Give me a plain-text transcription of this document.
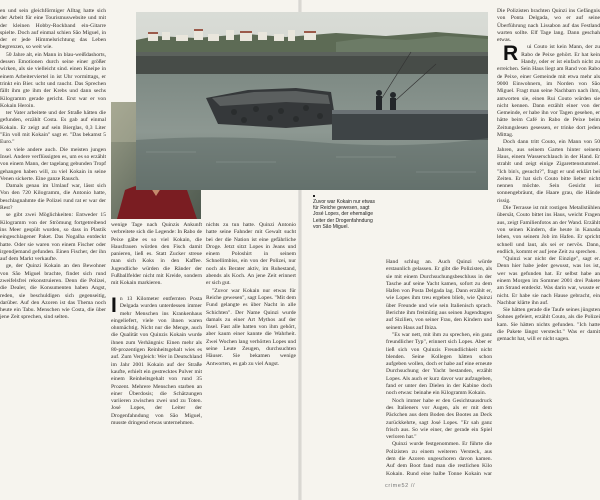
en und sein gleichförmiger Alltag hatte sich der Arbeit für eine Tourismuswebsite und mit der kleinen Hobby-Rockband ein-Gitarre spielte. Doch auf einmal schien São Miguel, in der er jede Himmelsrichtung das Leben begrenzen, so weit wie.

50 Jahre alt, ein Mann in blau-weißdashorts, dessen Emotionen durch seine einer größer wirken, als sie vielleicht sind. einen Kneipe in einem Arbeiterviertel in ist Uhr vormittags, er trinkt ein Bier. ucht und raucht. Das Sprechen fällt ihm gte ihm der Krebs und dann sechs Kilogramm gerade gericht. Erst war er von Kokain Heroin.

ter Vater arbeitete und der Straße hätten die gefunden, erzählt Costa. Es gab auf einmal Kokain. Er zeigt auf sein Bierglas, 0,3 Liter "Ein voll mit Kokain" sagt er. "Das bekamst 5 Euro."

so viele andere auch. Die meisten jungen Insel. Andere verflüssigten es, um es so erzählt von einem Mann, der tagelang gebunden Tropf gehangen haben will, zu viel Kokain in seine Venen sickerte. Eine ganze Rausch.

Damals genau im Umlauf war, lässt sich Von den 720 Kilogramm, die Antonio hatte, beschlagnahmte die Polizei rund rat er war der Rest?

se gibt zwei Möglichkeiten: Entweder 15 Kilogramm von der Strömung fortgetreibend ins Meer gespült wurden, so dass in Plastik eingeschlagener Paket. Das Nogalha entdeckt hatte. Oder sie waren von einem Fischer oder irgendjemand gefunden. Einen Fischer, der ihn auf dem Markt verkaufte.

ge, der Quinzi Kokain an den Bewohner von São Miguel brachte, findet sich rund zweifelsfrei rekonstruieren. Denn die Polizei, die Dealer, die Konsumenten haben Angst, reden, sie beschuldigen sich gegenseitig, darüber. Auf den Azoren ist das Thema noch heute ein Tabu. Menschen wie Costa, die über jene Zeit sprechen, sind selten.

wenige Tage nach Quinzis Ankunft verbreitete sich die Legende: In Rabo de Peixe gäbe es so viel Kokain, die Hausfrauen würden den Fisch damit panieren, ließ es. Statt Zucker streue man sich Koks in den Kaffee. Jugendliche würden die Ränder der Fußballfelder nicht mit Kreide, sondern mit Kokain markieren.

In 13 Kilometer entfernten Posta Delgada wurden unterdessen immer mehr Menschen ins Krankenhaus eingeliefert, viele von ihnen waren ohnmächtig. Nicht nur die Menge, auch die Qualität von Quinzis Kokain wurde ihnen zum Verhängnis: Einen mehr als 80-prozentigen Reinheitsgehalt wies es auf. Zum Vergleich: Wer in Deutschland im Jahr 2001 Kokain auf der Straße kaufte, erhielt ein gestrecktes Pulver mit einem Reinheitsgehalt von rund 35 Prozent. Mehrere Menschen starben an einer Überdosis; die Schätzungen variieren zwischen zwei und zu Toten. José Lopes, der Leiter der Drogenfahndung von São Miguel, musste dringend etwas unternehmen.

nichts zu tun hatte. Quinzi Antonio hatte seine Fahnder mit Gewalt sucht bei der die Nation ist eine gefährliche Droge. Jetzt sitzt Lopes in Jeans und einem Poloshirt in seinem Schnellimbiss, ein von der Polizei, nur noch als Berater aktiv, im Ruhestand, abends als Koch. An jene Zeit erinnert er sich gut.

"Zuvor war Kokain nur etwas für Reiche gewesen", sagt Lopes. "Mit dem Fund gelangte es über Nacht in alle Schichten". Der Name Quinzi wurde damals zu einer Art Mythos auf der Insel. Fast alle hatten von ihm gehört, aber kaum einer kannte die Wahrheit. Zwei Wochen lang verhörten Lopes und seine Leute Zeugen, durchsuchten Häuser. Sie bekamen wenige Antworten, es gab zu viel Angst.

Zuvor war Kokain nur etwas für Reiche gewesen, sagt José Lopes, der ehemalige Leiter der Drogenfahndung von São Miguel.

Hand schlug an. Auch Quinzi würde erstaunlich gelassen. Er gibt die Polizisten, als sie mit einem Durchsuchungsbeschluss in der Tasche auf seine Yacht kamen, sofort zu dem Hafen von Posta Delgada lag. Dann erzählt er, wie Lopes ihm treu ergeben blieb, wie Quinzi über Freunde und wie sein Italienisch sprach. Berichte ihm freimütig aus seinen Jugendtagen auf Sizilien, von seiner Frau, den Kindern und seinem Haus auf Ibiza.

"Es war nett, mit ihm zu sprechen, ein ganz freundlicher Typ", erinnert sich Lopes. Aber er ließ sich von Quinzis Freundlichkeit nicht blenden. Seine Kollegen hätten schon aufgeben wollen, doch er habe auf eine erneute Durchsuchung der Yacht bestanden, erzählt Lopes. Als auch er kurz davor war aufzugeben, fand er unter den Dielen in der Kabine doch noch etwas: beinahe ein Kilogramm Kokain.

Noch immer habe er den Gesichtsausdruck des Italieners vor Augen, als er mit dem Päckchen aus dem Boden des Bootes an Deck zurückkehrte, sagt José Lopes. "Er sah ganz frisch aus. So wie einer, der gerade ein Spiel verloren hat."

Quinzi wurde festgenommen. Er führte die Polizisten zu einem weiteren Versteck, aus dem die Azoren ungeschoren davon kamen. Auf dem Boot fand man die restlichen Kilo Kokain. Rund eine halbe Tonne Kokain war

Die Polizisten brachten Quinzi ins Gefängnis von Ponta Delgada, wo er auf seine Überführung nach Lissabon auf das Festland warten sollte. Elf Tage lang. Dann geschah etwas.

R ui Couto ist kein Mann, der zu Rabo de Peixe gehört. Er hat kein Handy, oder er ist einfach nicht zu erreichen. Sein Haus liegt am Rand von Rabo de Peixe, einer Gemeinde mit etwa mehr als 9000 Einwohnern, im Norden von São Miguel. Fragt man seine Nachbarn nach ihm, antworten sie, einen Rui Couto würden sie nicht kennen. Dann erzählt einer von der Gemeinde, er habe ihn vor Tagen gesehen, er hätte beim Café in Rabo de Peixe beim Zeitungslesen gesessen, er trinke dort jeden Mittag.

Doch dann tritt Couto, ein Mann von 50 Jahren, aus seinem Garten hinter seinem Haus, einem Wasserschlauch in der Hand. Er strahlt und zeigt einige Zigarettenstummel. "Ich bin's, gesucht?", fragt er und erklärt bei Zeiten. Er hat sich Couto bitte lieber nicht nennen möchte. Sein Gesicht ist sonnengebräunt, die Haare grau, die Hände rissig.

Die Terrasse ist mit rostigen Metallstühlen übersät, Couto bittet ins Haus, weicht Fragen aus, zeigt Familienfotos an der Wand. Erzählt von seinen Kindern, die heute in Kanada leben, von seinem Job im Hafen. Er spricht schnell und laut, als sei er nervös. Dann, endlich, kommt er auf jene Zeit zu sprechen.

"Quinzi war nicht der Einzige", sagt er. Denn hier habe jeder gewusst, was los ist, wer was gefunden hat. Er selbst habe an einem Morgen im Sommer 2001 drei Pakete am Strand entdeckt. Was darin war, wusste er nicht. Er habe sie nach Hause gebracht, ein Nachbar klärte ihn auf.

Sie hätten gerade die Taufe seines jüngsten Sohnes gefeiert, erzählt Couto, als die Polizei kam. Sie hätten nichts gefunden. "Ich hatte die Pakete längst versteckt." Was er damit gemacht hat, will er nicht sagen.

crime52 //
